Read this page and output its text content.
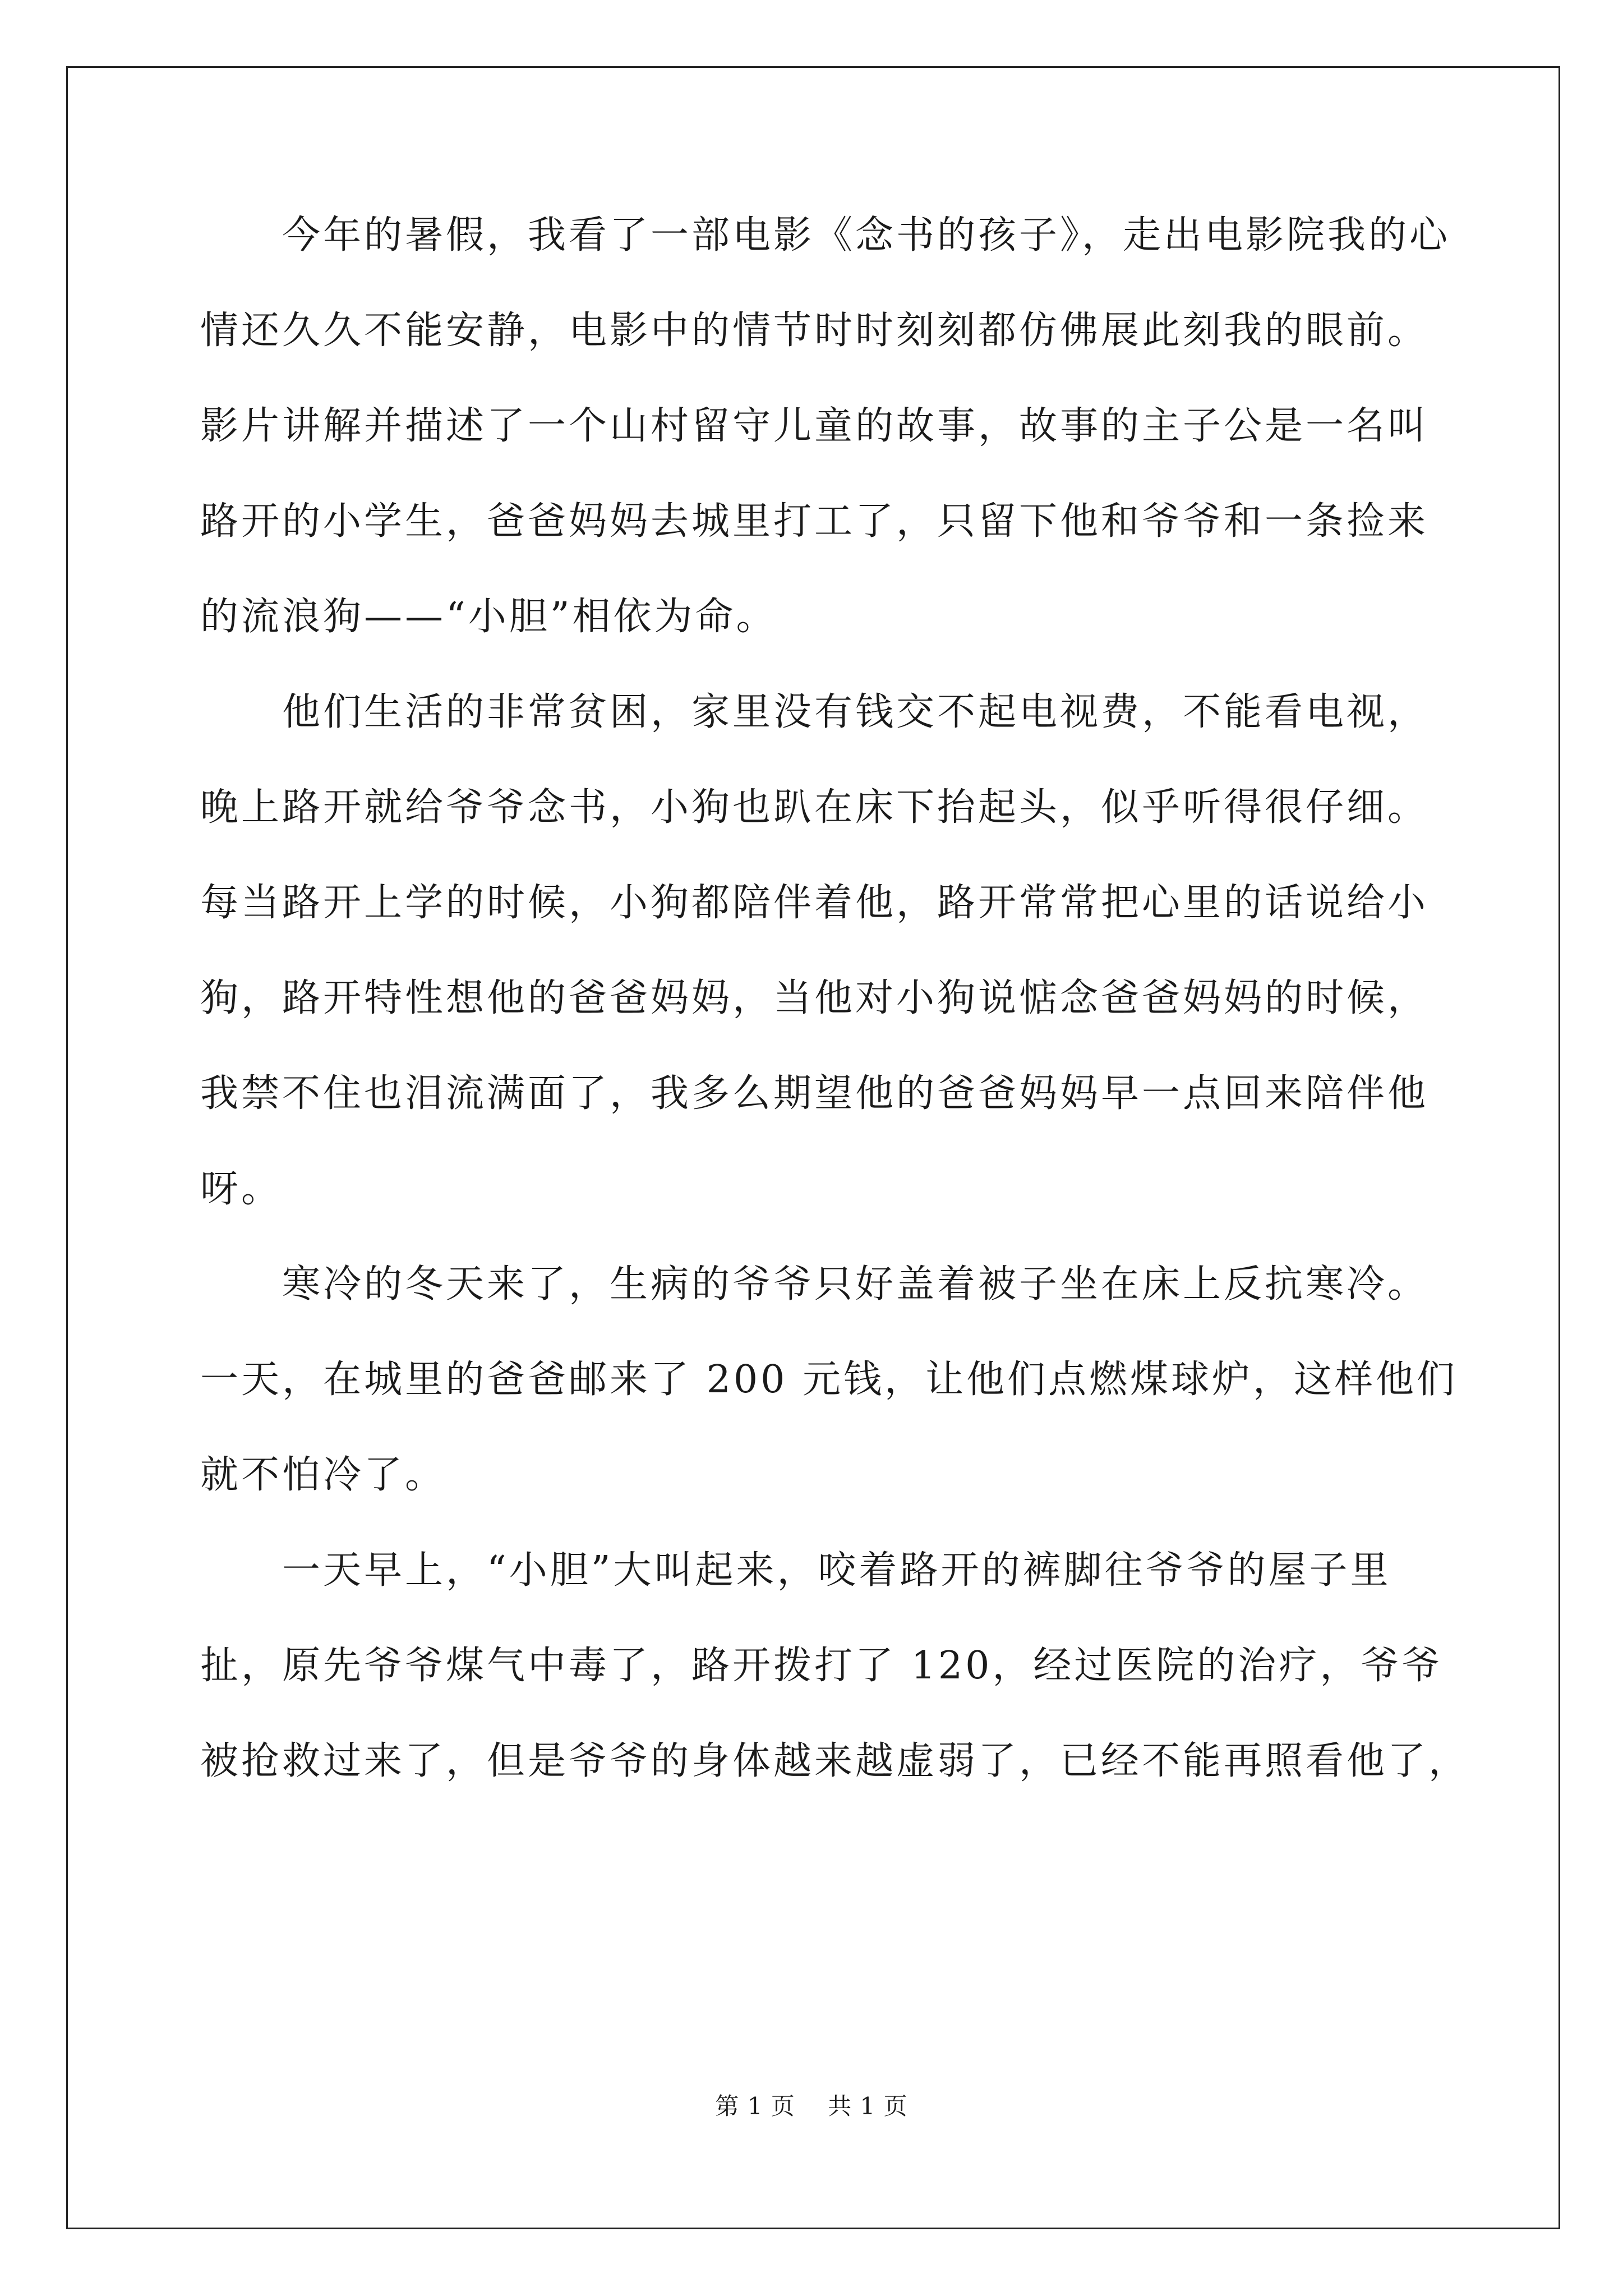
　　今年的暑假，我看了一部电影《念书的孩子》，走出电影院我的心
情还久久不能安静，电影中的情节时时刻刻都仿佛展此刻我的眼前。
影片讲解并描述了一个山村留守儿童的故事，故事的主子公是一名叫
路开的小学生，爸爸妈妈去城里打工了，只留下他和爷爷和一条捡来
的流浪狗——“小胆”相依为命。
　　他们生活的非常贫困，家里没有钱交不起电视费，不能看电视，
晚上路开就给爷爷念书，小狗也趴在床下抬起头，似乎听得很仔细。
每当路开上学的时候，小狗都陪伴着他，路开常常把心里的话说给小
狗，路开特性想他的爸爸妈妈，当他对小狗说惦念爸爸妈妈的时候，
我禁不住也泪流满面了，我多么期望他的爸爸妈妈早一点回来陪伴他
呀。
　　寒冷的冬天来了，生病的爷爷只好盖着被子坐在床上反抗寒冷。
一天，在城里的爸爸邮来了 200 元钱，让他们点燃煤球炉，这样他们
就不怕冷了。
　　一天早上，“小胆”大叫起来，咬着路开的裤脚往爷爷的屋子里
扯，原先爷爷煤气中毒了，路开拨打了 120，经过医院的治疗，爷爷
被抢救过来了，但是爷爷的身体越来越虚弱了，已经不能再照看他了，
第 1 页 共 1 页
